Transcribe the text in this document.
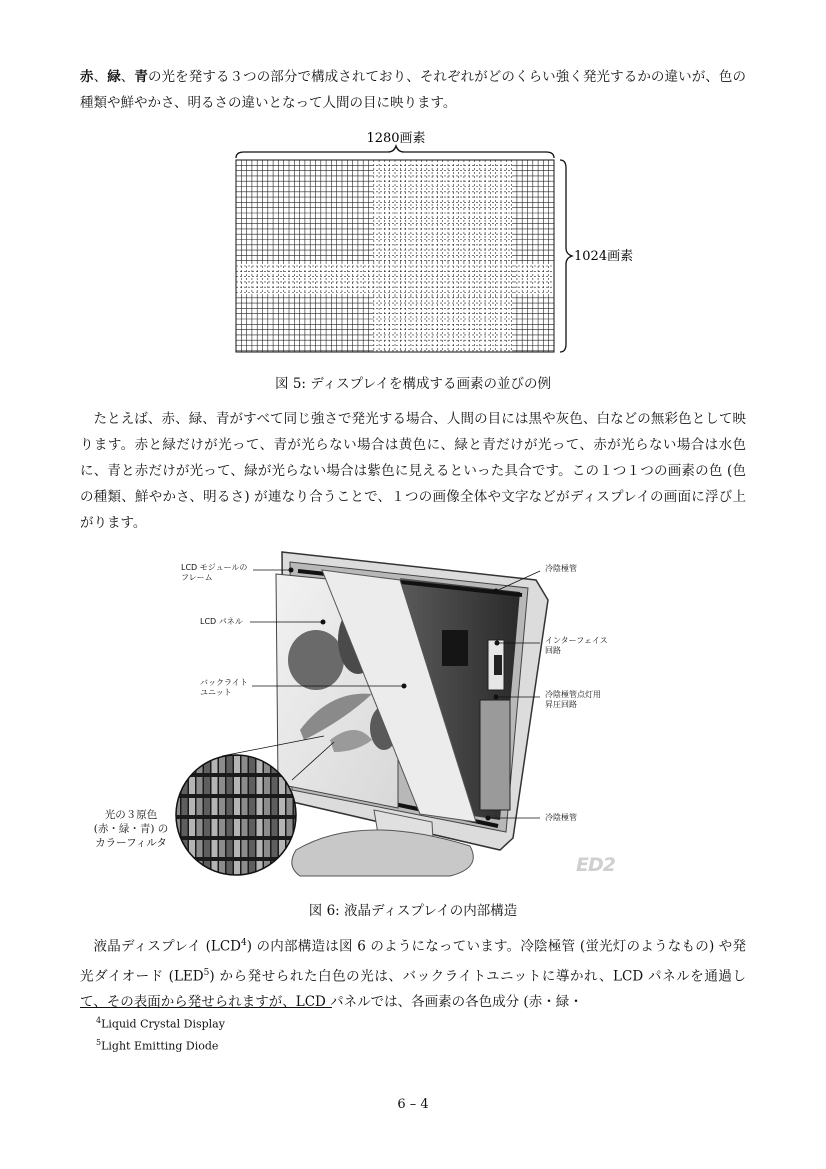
赤、緑、青の光を発する３つの部分で構成されており、それぞれがどのくらい強く発光するかの違いが、色の種類や鮮やかさ、明るさの違いとなって人間の目に映ります。

1280画素
1024画素

図 5: ディスプレイを構成する画素の並びの例

たとえば、赤、緑、青がすべて同じ強さで発光する場合、人間の目には黒や灰色、白などの無彩色として映ります。赤と緑だけが光って、青が光らない場合は黄色に、緑と青だけが光って、赤が光らない場合は水色に、青と赤だけが光って、緑が光らない場合は紫色に見えるといった具合です。この１つ１つの画素の色 (色の種類、鮮やかさ、明るさ) が連なり合うことで、１つの画像全体や文字などがディスプレイの画面に浮び上がります。

LCD モジュールの
フレーム

LCD パネル

バックライト
ユニット

冷陰極管

インターフェイス
回路

冷陰極管点灯用
昇圧回路

冷陰極管

光の３原色
(赤・緑・青) の
カラーフィルタ

ED2

図 6: 液晶ディスプレイの内部構造

液晶ディスプレイ (LCD$^4$) の内部構造は図 6 のようになっています。冷陰極管 (蛍光灯のようなもの) や発光ダイオード (LED$^5$) から発せられた白色の光は、バックライトユニットに導かれ、LCD パネルを通過して、その表面から発せられますが、LCD パネルでは、各画素の各色成分 (赤・緑・

$^4$Liquid Crystal Display

$^5$Light Emitting Diode

6 – 4
